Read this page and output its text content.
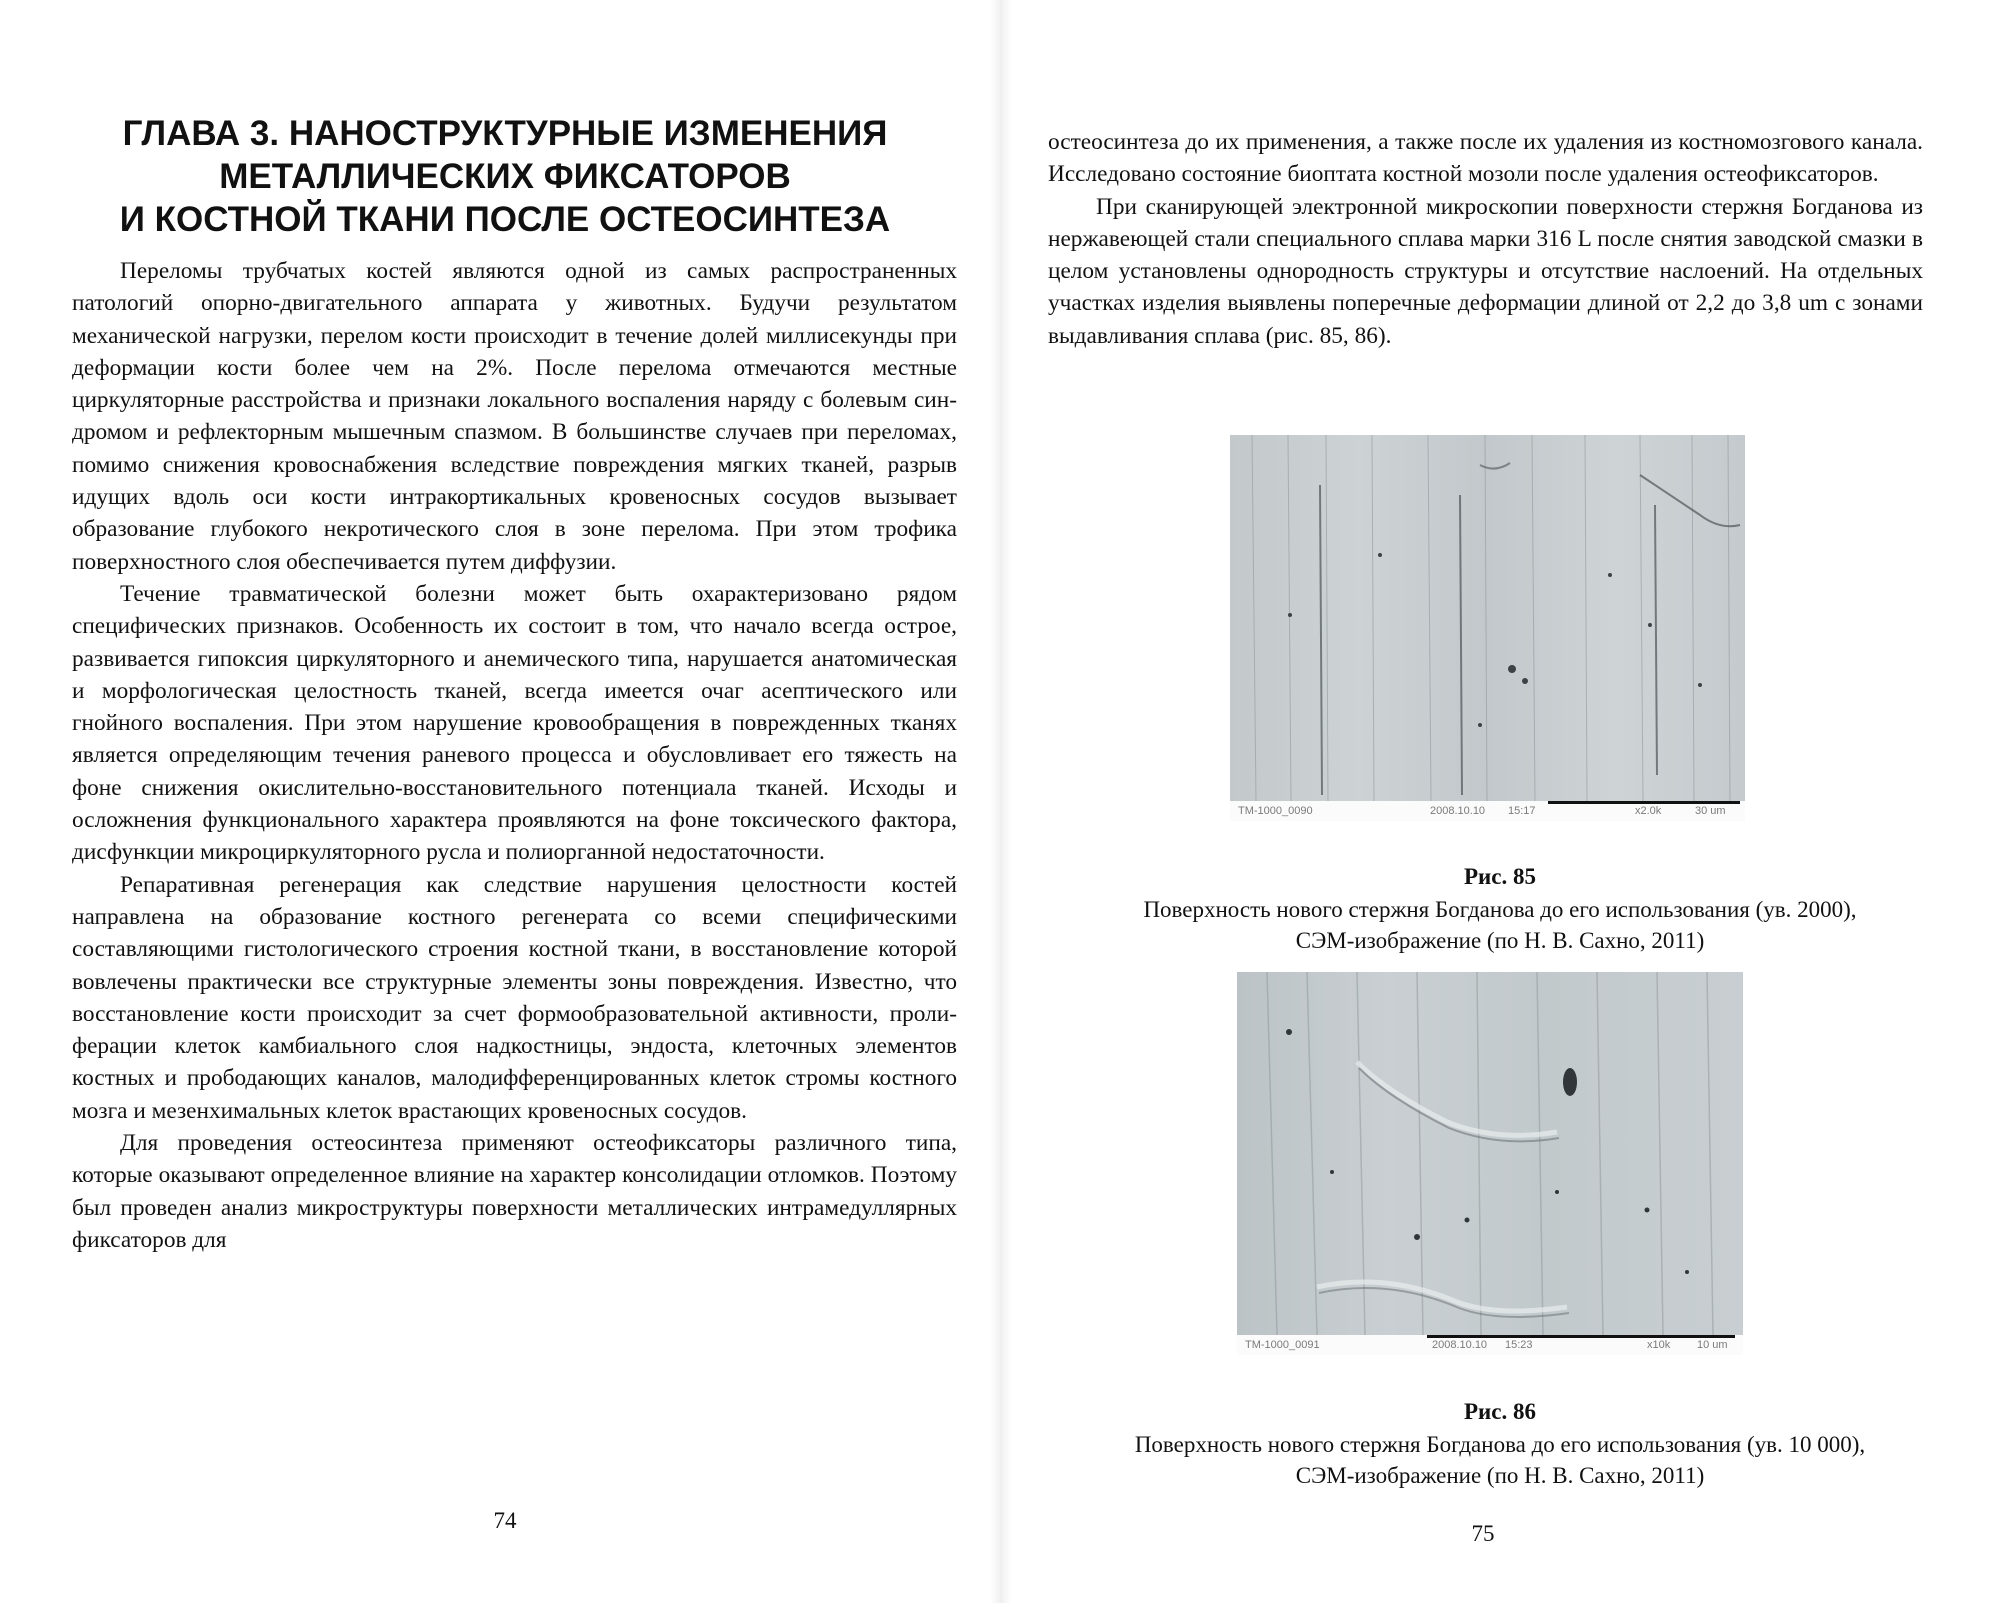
ГЛАВА 3. НАНОСТРУКТУРНЫЕ ИЗМЕНЕНИЯ
МЕТАЛЛИЧЕСКИХ ФИКСАТОРОВ
И КОСТНОЙ ТКАНИ ПОСЛЕ ОСТЕОСИНТЕЗА

Переломы трубчатых костей являются одной из самых распространенных патологий опорно-двигательного аппарата у животных. Будучи результатом механической нагрузки, перелом кости происходит в течение долей миллисекунды при деформации кости более чем на 2%. После перелома отмечаются местные циркуляторные расстройства и признаки локального воспаления наряду с болевым синдромом и рефлекторным мышечным спазмом. В большинстве случаев при переломах, помимо снижения кровоснабжения вследствие повреждения мягких тканей, разрыв идущих вдоль оси кости интракортикальных кровеносных сосудов вызывает образование глубокого некротического слоя в зоне перелома. При этом трофика поверхностного слоя обеспечивается путем диффузии.

Течение травматической болезни может быть охарактеризовано рядом специфических признаков. Особенность их состоит в том, что начало всегда острое, развивается гипоксия циркуляторного и анемического типа, нарушается анатомическая и морфологическая целостность тканей, всегда имеется очаг асептического или гнойного воспаления. При этом нарушение кровообращения в поврежденных тканях является определяющим течения раневого процесса и обусловливает его тяжесть на фоне снижения окислительно-восстановительного потенциала тканей. Исходы и осложнения функционального характера проявляются на фоне токсического фактора, дисфункции микроциркуляторного русла и полиорганной недостаточности.

Репаративная регенерация как следствие нарушения целостности костей направлена на образование костного регенерата со всеми специфическими составляющими гистологического строения костной ткани, в восстановление которой вовлечены практически все структурные элементы зоны повреждения. Известно, что восстановление кости происходит за счет формообразовательной активности, пролиферации клеток камбиального слоя надкостницы, эндоста, клеточных элементов костных и прободающих каналов, малодифференцированных клеток стромы костного мозга и мезенхимальных клеток врастающих кровеносных сосудов.

Для проведения остеосинтеза применяют остеофиксаторы различного типа, которые оказывают определенное влияние на характер консолидации отломков. Поэтому был проведен анализ микроструктуры поверхности металлических интрамедуллярных фиксаторов для

74

остеосинтеза до их применения, а также после их удаления из костномозгового канала. Исследовано состояние биоптата костной мозоли после удаления остеофиксаторов.

При сканирующей электронной микроскопии поверхности стержня Богданова из нержавеющей стали специального сплава марки 316 L после снятия заводской смазки в целом установлены однородность структуры и отсутствие наслоений. На отдельных участках изделия выявлены поперечные деформации длиной от 2,2 до 3,8 um с зонами выдавливания сплава (рис. 85, 86).

TM-1000_0090	2008.10.10 15:17	x2.0k	30 um
Рис. 85
Поверхность нового стержня Богданова до его использования (ув. 2000),
СЭМ-изображение (по Н. В. Сахно, 2011)
TM-1000_0091	2008.10.10 15:23	x10k 10 um
Рис. 86
Поверхность нового стержня Богданова до его использования (ув. 10 000),
СЭМ-изображение (по Н. В. Сахно, 2011)
75
